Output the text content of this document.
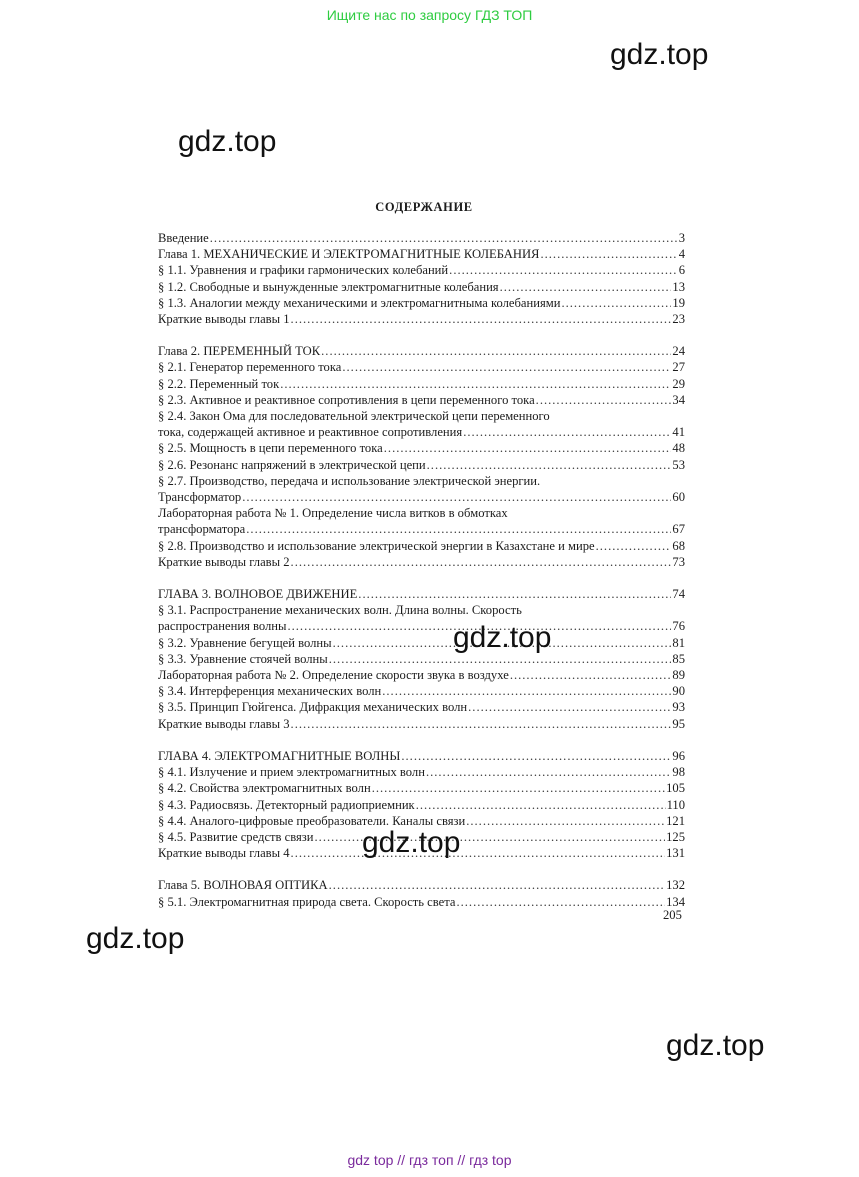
Ищите нас по запросу ГДЗ ТОП
gdz.top
gdz.top
СОДЕРЖАНИЕ
Введение .....	3
Глава 1. МЕХАНИЧЕСКИЕ И ЭЛЕКТРОМАГНИТНЫЕ КОЛЕБАНИЯ .....	4
§ 1.1. Уравнения и графики гармонических колебаний .....	6
§ 1.2. Свободные и вынужденные электромагнитные колебания .....	13
§ 1.3. Аналогии между механическими и электромагнитныма колебаниями .....	19
Краткие выводы главы 1 .....	23
Глава 2. ПЕРЕМЕННЫЙ ТОК .....	24
§ 2.1. Генератор переменного тока .....	27
§ 2.2. Переменный ток .....	29
§ 2.3. Активное и реактивное сопротивления в цепи переменного тока .....	34
§ 2.4. Закон Ома для последовательной электрической цепи переменного
тока, содержащей активное и реактивное сопротивления .....	41
§ 2.5. Мощность в цепи переменного тока .....	48
§ 2.6. Резонанс напряжений в электрической цепи .....	53
§ 2.7. Производство, передача и использование электрической энергии.
Трансформатор .....	60
Лабораторная работа № 1. Определение числа витков в обмотках
трансформатора .....	67
§ 2.8. Производство и использование электрической энергии в Казахстане и мире .....	68
Краткие выводы главы 2 .....	73
ГЛАВА 3. ВОЛНОВОЕ ДВИЖЕНИЕ .....	74
§ 3.1. Распространение механических волн. Длина волны. Скорость
распространения волны .....	76
§ 3.2. Уравнение бегущей волны .....	81
§ 3.3. Уравнение стоячей волны .....	85
Лабораторная работа № 2. Определение скорости звука в воздухе .....	89
§ 3.4. Интерференция механических волн .....	90
§ 3.5. Принцип Гюйгенса. Дифракция механических волн .....	93
Краткие выводы главы 3 .....	95
ГЛАВА 4. ЭЛЕКТРОМАГНИТНЫЕ ВОЛНЫ .....	96
§ 4.1. Излучение и прием электромагнитных волн .....	98
§ 4.2. Свойства электромагнитных волн .....	105
§ 4.3. Радиосвязь. Детекторный радиоприемник .....	110
§ 4.4. Аналого-цифровые преобразователи. Каналы связи .....	121
§ 4.5. Развитие средств связи .....	125
Краткие выводы главы 4 .....	131
Глава 5. ВОЛНОВАЯ ОПТИКА .....	132
§ 5.1. Электромагнитная природа света. Скорость света .....	134
gdz.top
gdz.top
205
gdz.top
gdz.top
gdz top // гдз топ // гдз top
